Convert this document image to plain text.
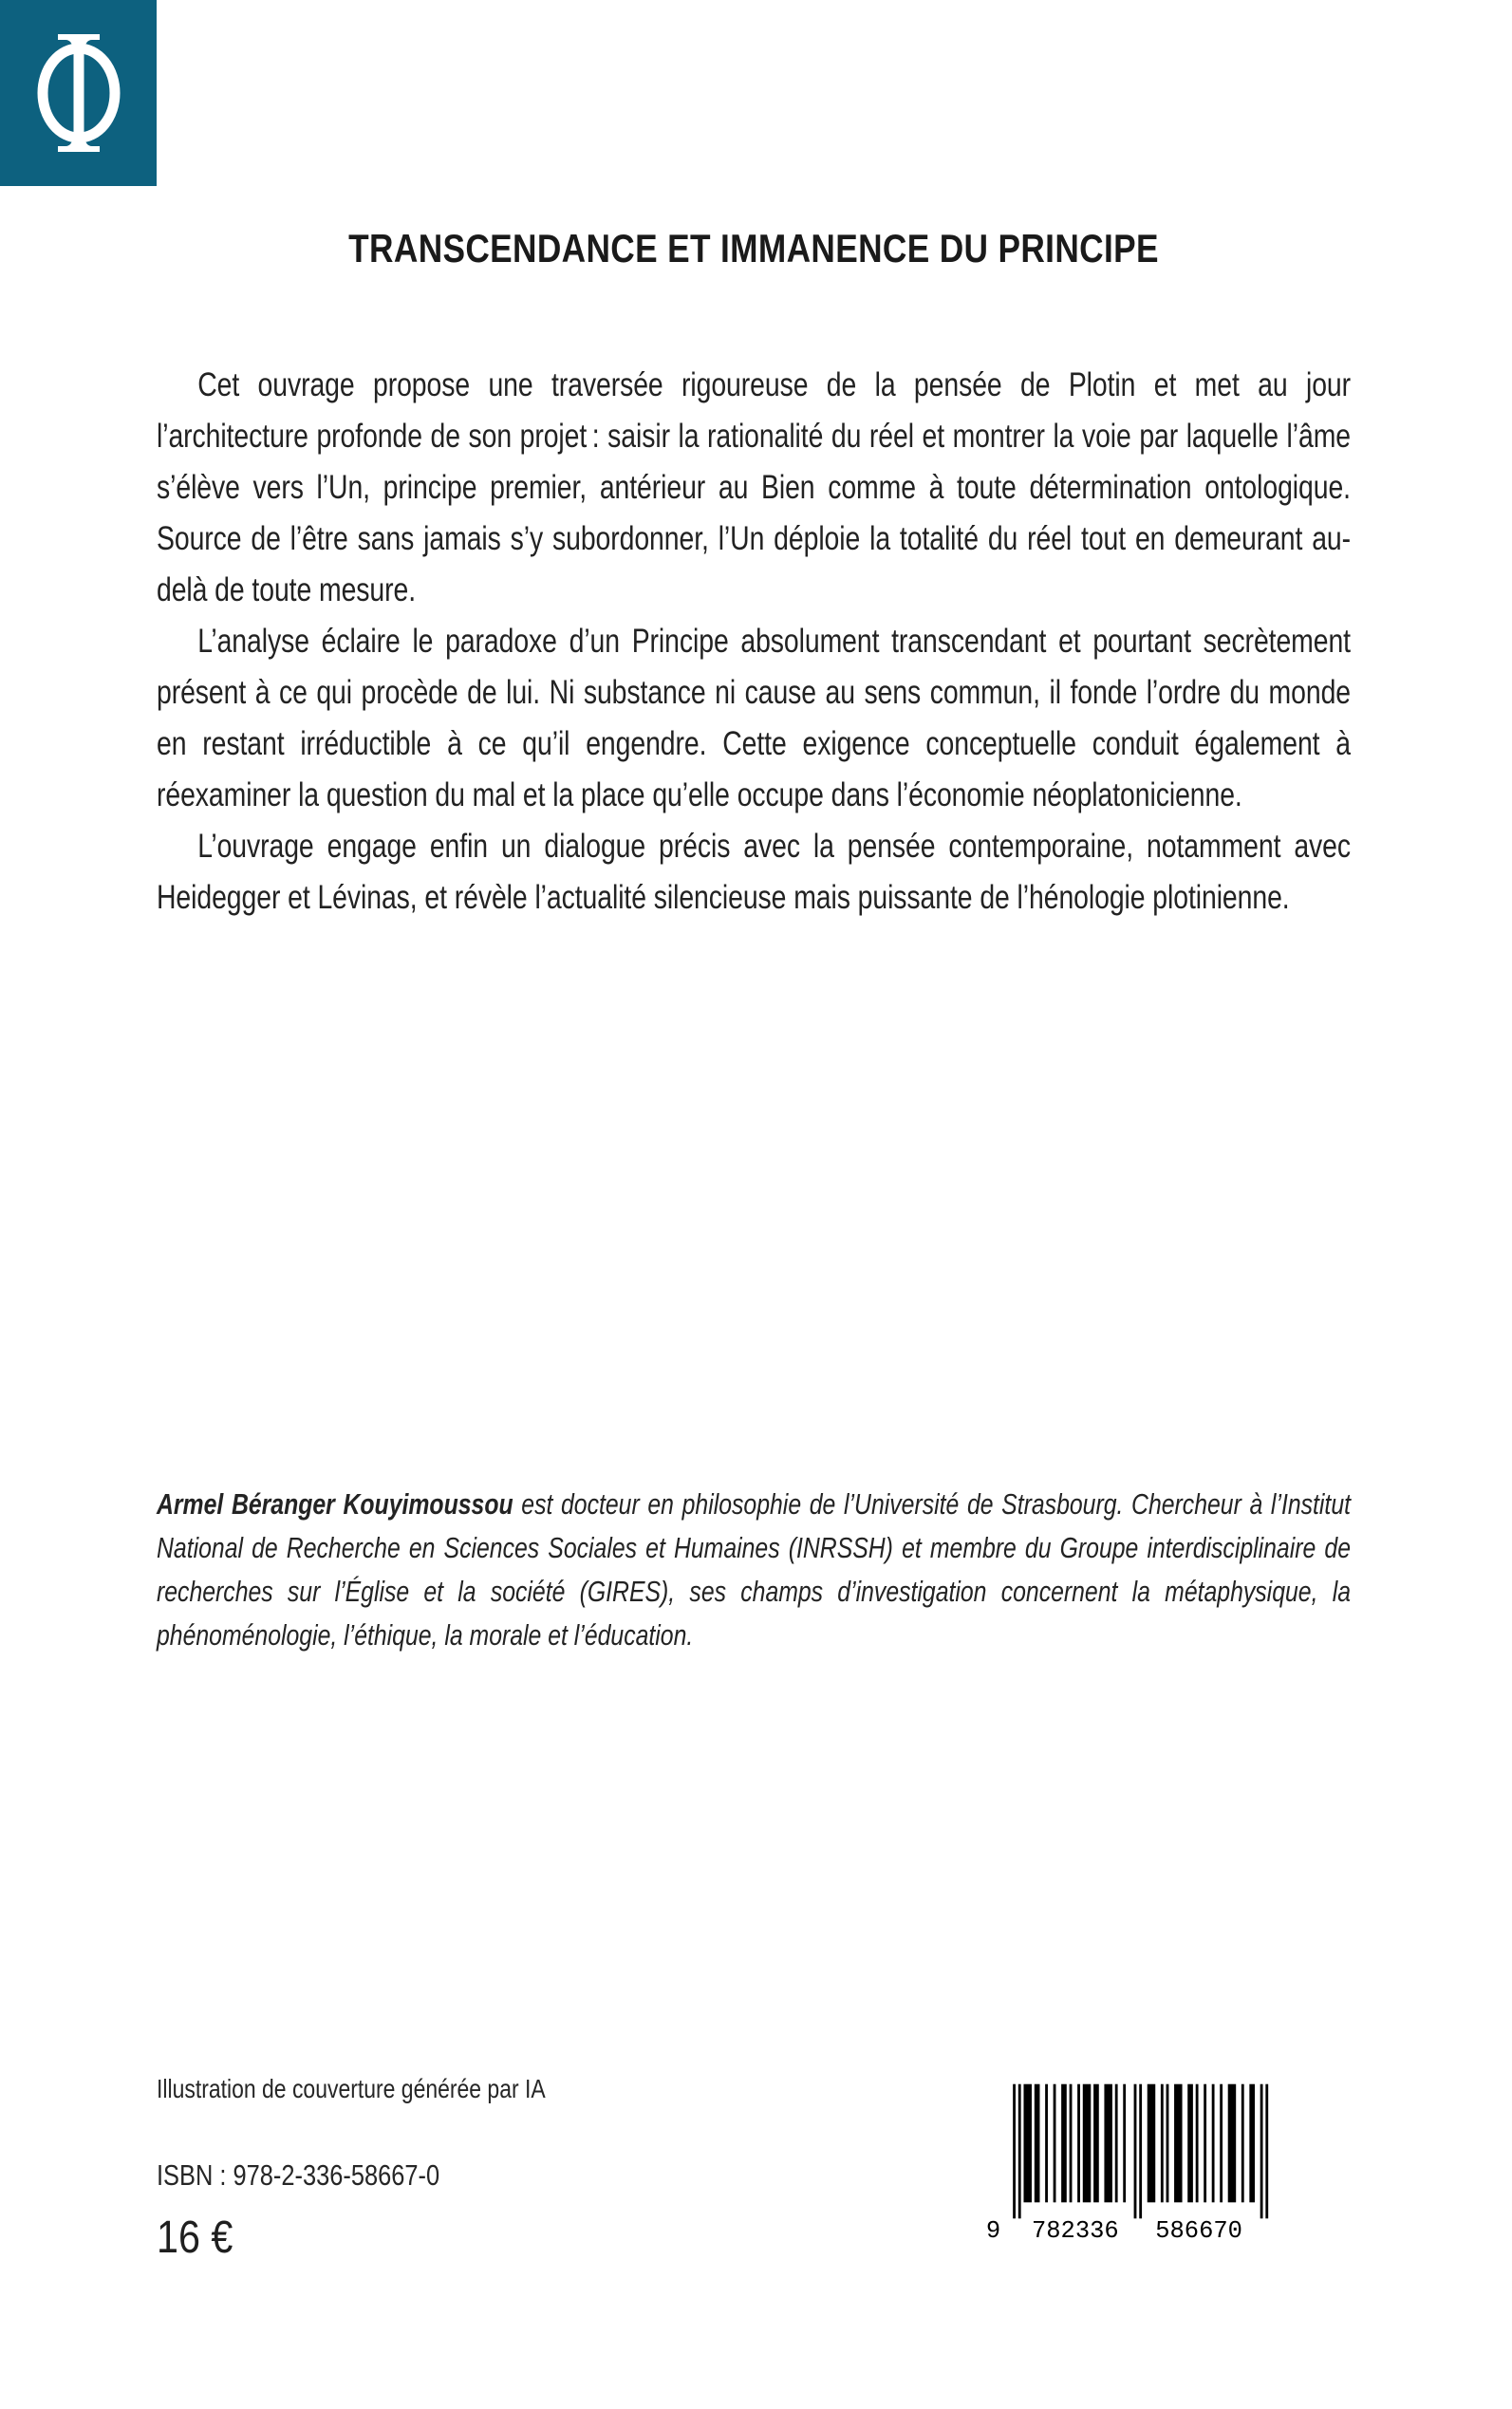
TRANSCENDANCE ET IMMANENCE DU PRINCIPE

Cet ouvrage propose une traversée rigoureuse de la pensée de Plotin et met au jour l’architecture profonde de son projet : saisir la rationalité du réel et montrer la voie par laquelle l’âme s’élève vers l’Un, principe premier, antérieur au Bien comme à toute détermination ontologique. Source de l’être sans jamais s’y subordonner, l’Un déploie la totalité du réel tout en demeurant au-delà de toute mesure.

L’analyse éclaire le paradoxe d’un Principe absolument transcendant et pourtant secrètement présent à ce qui procède de lui. Ni substance ni cause au sens commun, il fonde l’ordre du monde en restant irréductible à ce qu’il engendre. Cette exigence conceptuelle conduit également à réexaminer la question du mal et la place qu’elle occupe dans l’économie néoplatonicienne.

L’ouvrage engage enfin un dialogue précis avec la pensée contemporaine, notamment avec Heidegger et Lévinas, et révèle l’actualité silencieuse mais puissante de l’hénologie plotinienne.

Armel Béranger Kouyimoussou est docteur en philosophie de l’Université de Strasbourg. Chercheur à l’Institut National de Recherche en Sciences Sociales et Humaines (INRSSH) et membre du Groupe interdisciplinaire de recherches sur l’Église et la société (GIRES), ses champs d’investigation concernent la métaphysique, la phénoménologie, l’éthique, la morale et l’éducation.

Illustration de couverture générée par IA

ISBN : 978-2-336-58667-0

16 €	9 782336 586670
